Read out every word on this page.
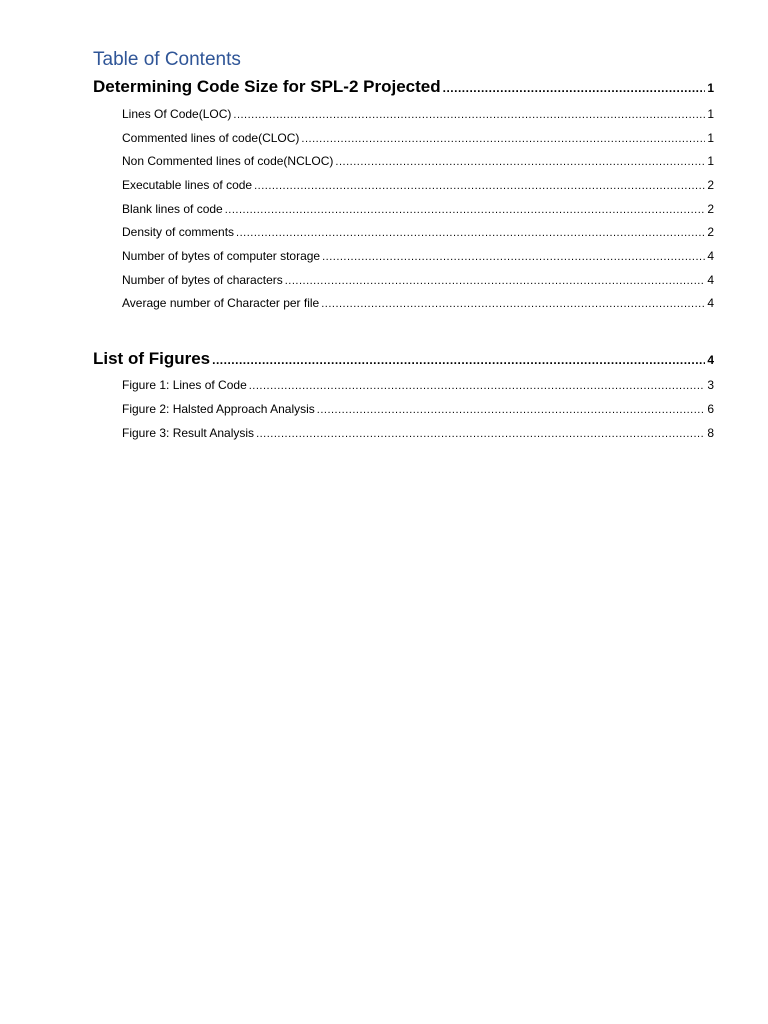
Table of Contents
Determining Code Size for SPL-2 Projected .....	1
Lines Of Code(LOC) .....	1
Commented lines of code(CLOC) .....	1
Non Commented lines of code(NCLOC) .....	1
Executable lines of code .....	2
Blank lines of code .....	2
Density of comments .....	2
Number of bytes of computer storage .....	4
Number of bytes of characters .....	4
Average number of Character per file .....	4
List of Figures .....	4
Figure 1: Lines of Code .....	3
Figure 2: Halsted Approach Analysis .....	6
Figure 3: Result Analysis .....	8
